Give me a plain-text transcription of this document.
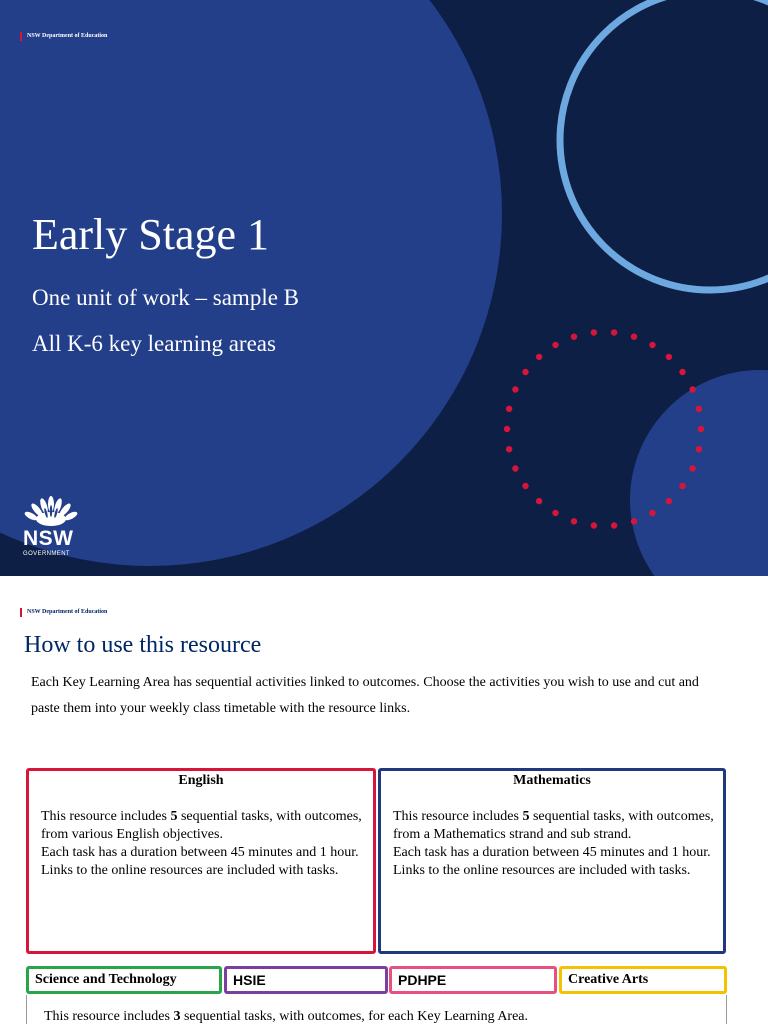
NSW Department of Education
Early Stage 1
One unit of work – sample B
All K-6 key learning areas
NSW
GOVERNMENT
NSW Department of Education
How to use this resource
Each Key Learning Area has sequential activities linked to outcomes. Choose the activities you wish to use and cut and paste them into your weekly class timetable with the resource links.
English

This resource includes 5 sequential tasks, with outcomes, from various English objectives.

Each task has a duration between 45 minutes and 1 hour.

Links to the online resources are included with tasks.

Mathematics

This resource includes 5 sequential tasks, with outcomes, from a Mathematics strand and sub strand.

Each task has a duration between 45 minutes and 1 hour.

Links to the online resources are included with tasks.

Science and Technology	HSIE	PDHPE	Creative Arts
This resource includes 3 sequential tasks, with outcomes, for each Key Learning Area.
